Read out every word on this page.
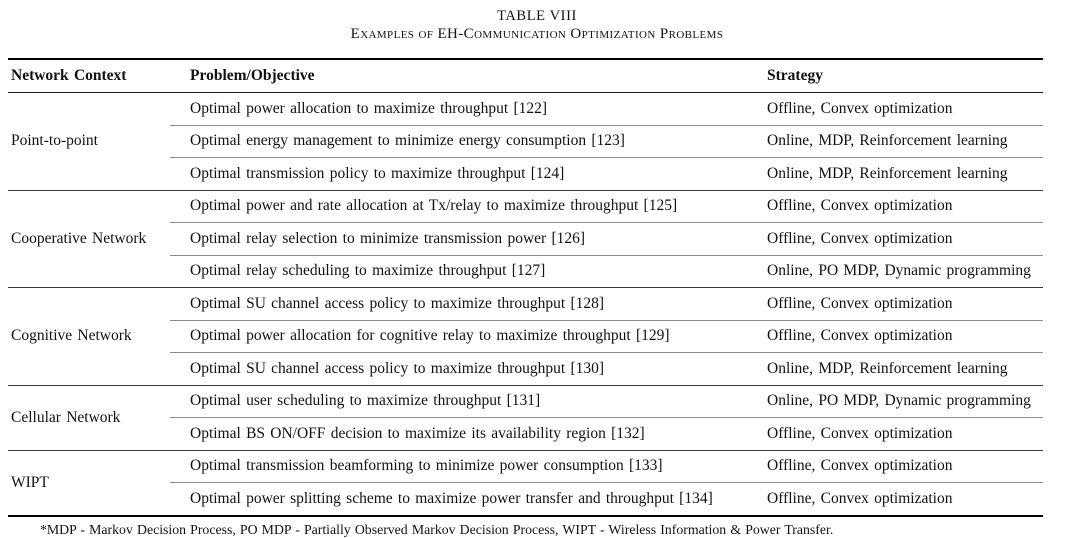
TABLE VIII
Examples of EH-Communication Optimization Problems
Network Context	Problem/Objective	Strategy
Point-to-point	Optimal power allocation to maximize throughput [122]	Offline, Convex optimization
	Optimal energy management to minimize energy consumption [123]	Online, MDP, Reinforcement learning
	Optimal transmission policy to maximize throughput [124]	Online, MDP, Reinforcement learning
Cooperative Network	Optimal power and rate allocation at Tx/relay to maximize throughput [125]	Offline, Convex optimization
	Optimal relay selection to minimize transmission power [126]	Offline, Convex optimization
	Optimal relay scheduling to maximize throughput [127]	Online, PO MDP, Dynamic programming
Cognitive Network	Optimal SU channel access policy to maximize throughput [128]	Offline, Convex optimization
	Optimal power allocation for cognitive relay to maximize throughput [129]	Offline, Convex optimization
	Optimal SU channel access policy to maximize throughput [130]	Online, MDP, Reinforcement learning
Cellular Network	Optimal user scheduling to maximize throughput [131]	Online, PO MDP, Dynamic programming
	Optimal BS ON/OFF decision to maximize its availability region [132]	Offline, Convex optimization
WIPT	Optimal transmission beamforming to minimize power consumption [133]	Offline, Convex optimization
	Optimal power splitting scheme to maximize power transfer and throughput [134]	Offline, Convex optimization
*MDP - Markov Decision Process, PO MDP - Partially Observed Markov Decision Process, WIPT - Wireless Information & Power Transfer.
